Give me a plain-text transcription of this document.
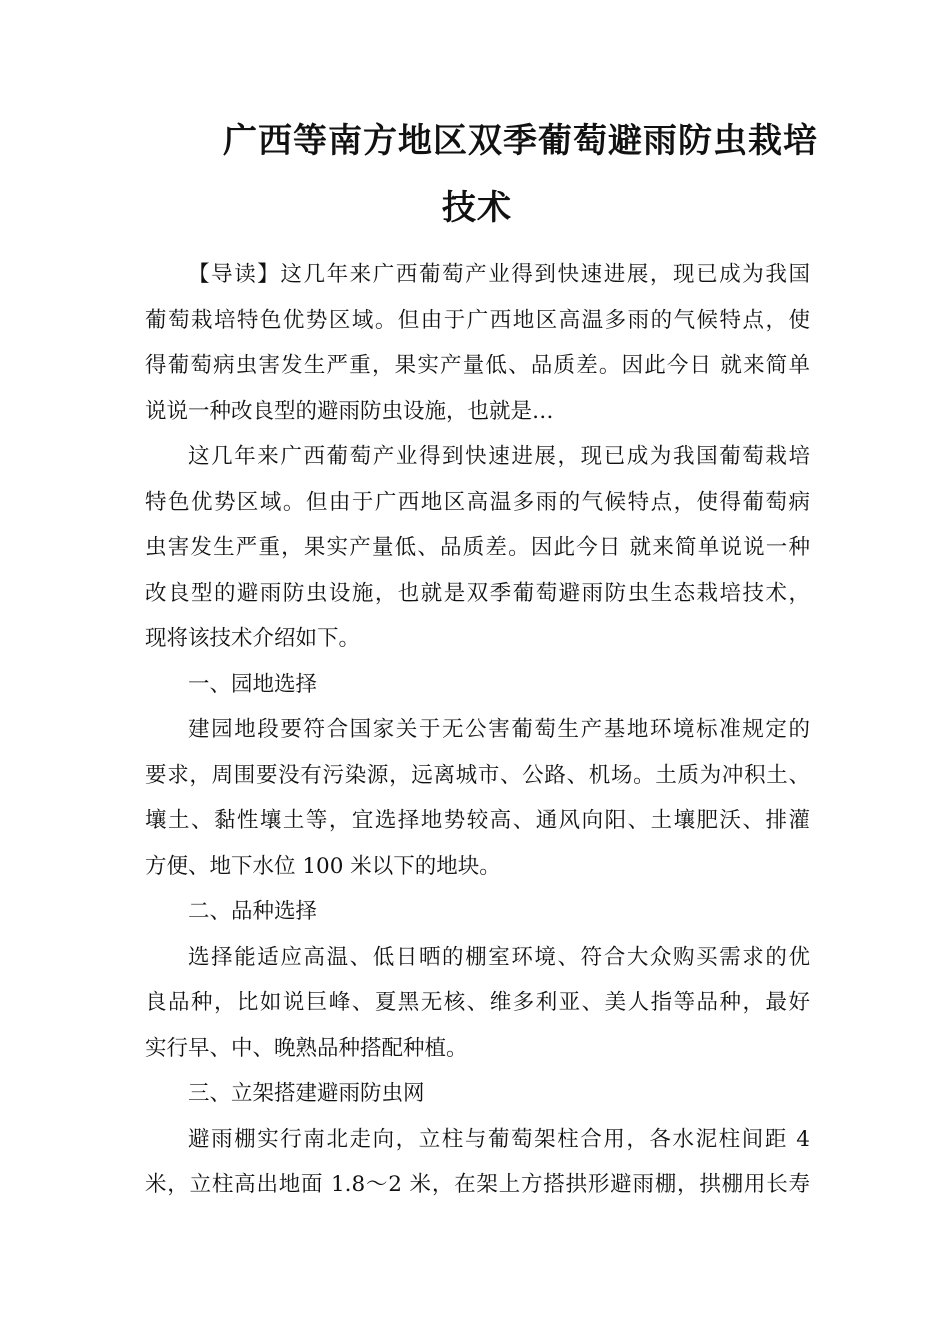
广西等南方地区双季葡萄避雨防虫栽培
技术
【导读】这几年来广西葡萄产业得到快速进展，现已成为我国
葡萄栽培特色优势区域。但由于广西地区高温多雨的气候特点，使
得葡萄病虫害发生严重，果实产量低、品质差。因此今日 就来简单
说说一种改良型的避雨防虫设施，也就是…
这几年来广西葡萄产业得到快速进展，现已成为我国葡萄栽培
特色优势区域。但由于广西地区高温多雨的气候特点，使得葡萄病
虫害发生严重，果实产量低、品质差。因此今日 就来简单说说一种
改良型的避雨防虫设施，也就是双季葡萄避雨防虫生态栽培技术，
现将该技术介绍如下。
一、园地选择
建园地段要符合国家关于无公害葡萄生产基地环境标准规定的
要求，周围要没有污染源，远离城市、公路、机场。土质为冲积土、
壤土、黏性壤土等，宜选择地势较高、通风向阳、土壤肥沃、排灌
方便、地下水位 100 米以下的地块。
二、品种选择
选择能适应高温、低日晒的棚室环境、符合大众购买需求的优
良品种，比如说巨峰、夏黑无核、维多利亚、美人指等品种，最好
实行早、中、晚熟品种搭配种植。
三、立架搭建避雨防虫网
避雨棚实行南北走向，立柱与葡萄架柱合用，各水泥柱间距 4
米，立柱高出地面 1.8～2 米，在架上方搭拱形避雨棚，拱棚用长寿
